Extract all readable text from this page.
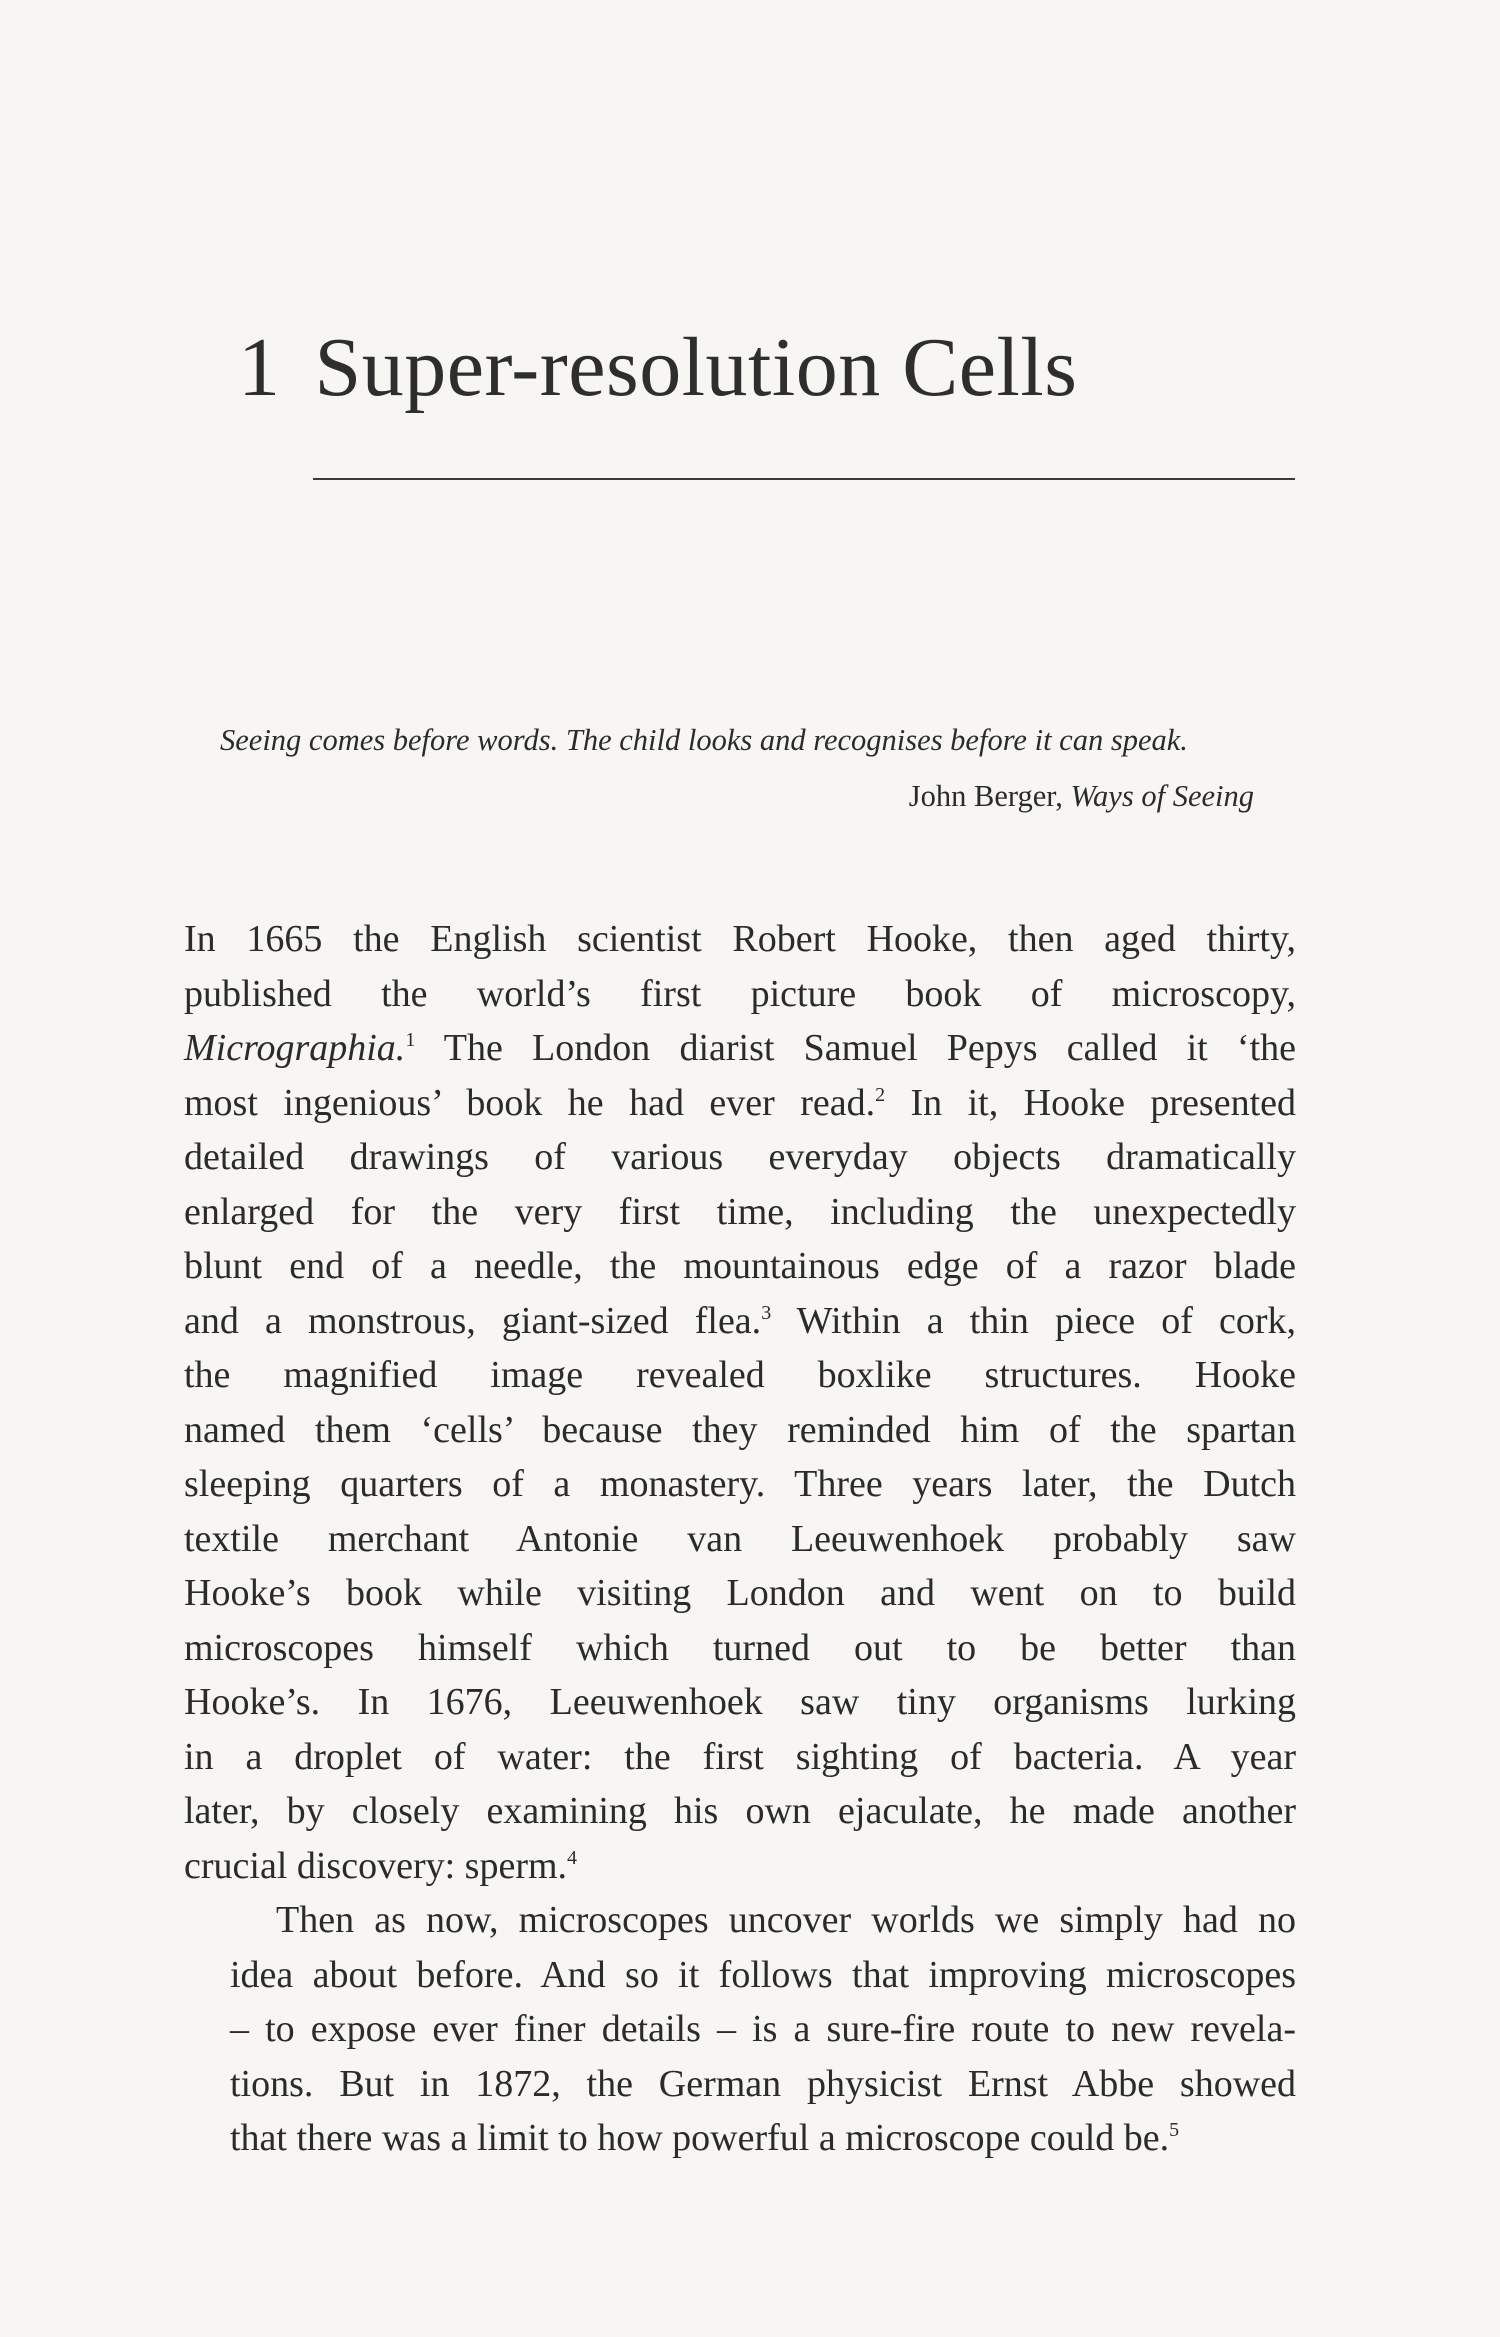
1 Super-resolution Cells
Seeing comes before words. The child looks and recognises before it can speak.
John Berger, Ways of Seeing

In 1665 the English scientist Robert Hooke, then aged thirty,
published the world’s first picture book of microscopy,
Micrographia.$^1$ The London diarist Samuel Pepys called it ‘the
most ingenious’ book he had ever read.$^2$ In it, Hooke presented
detailed drawings of various everyday objects dramatically
enlarged for the very first time, including the unexpectedly
blunt end of a needle, the mountainous edge of a razor blade
and a monstrous, giant-sized flea.$^3$ Within a thin piece of cork,
the magnified image revealed boxlike structures. Hooke
named them ‘cells’ because they reminded him of the spartan
sleeping quarters of a monastery. Three years later, the Dutch
textile merchant Antonie van Leeuwenhoek probably saw
Hooke’s book while visiting London and went on to build
microscopes himself which turned out to be better than
Hooke’s. In 1676, Leeuwenhoek saw tiny organisms lurking
in a droplet of water: the first sighting of bacteria. A year
later, by closely examining his own ejaculate, he made another
crucial discovery: sperm.$^4$

Then as now, microscopes uncover worlds we simply had no
idea about before. And so it follows that improving microscopes
– to expose ever finer details – is a sure-fire route to new revela-
tions. But in 1872, the German physicist Ernst Abbe showed
that there was a limit to how powerful a microscope could be.$^5$
